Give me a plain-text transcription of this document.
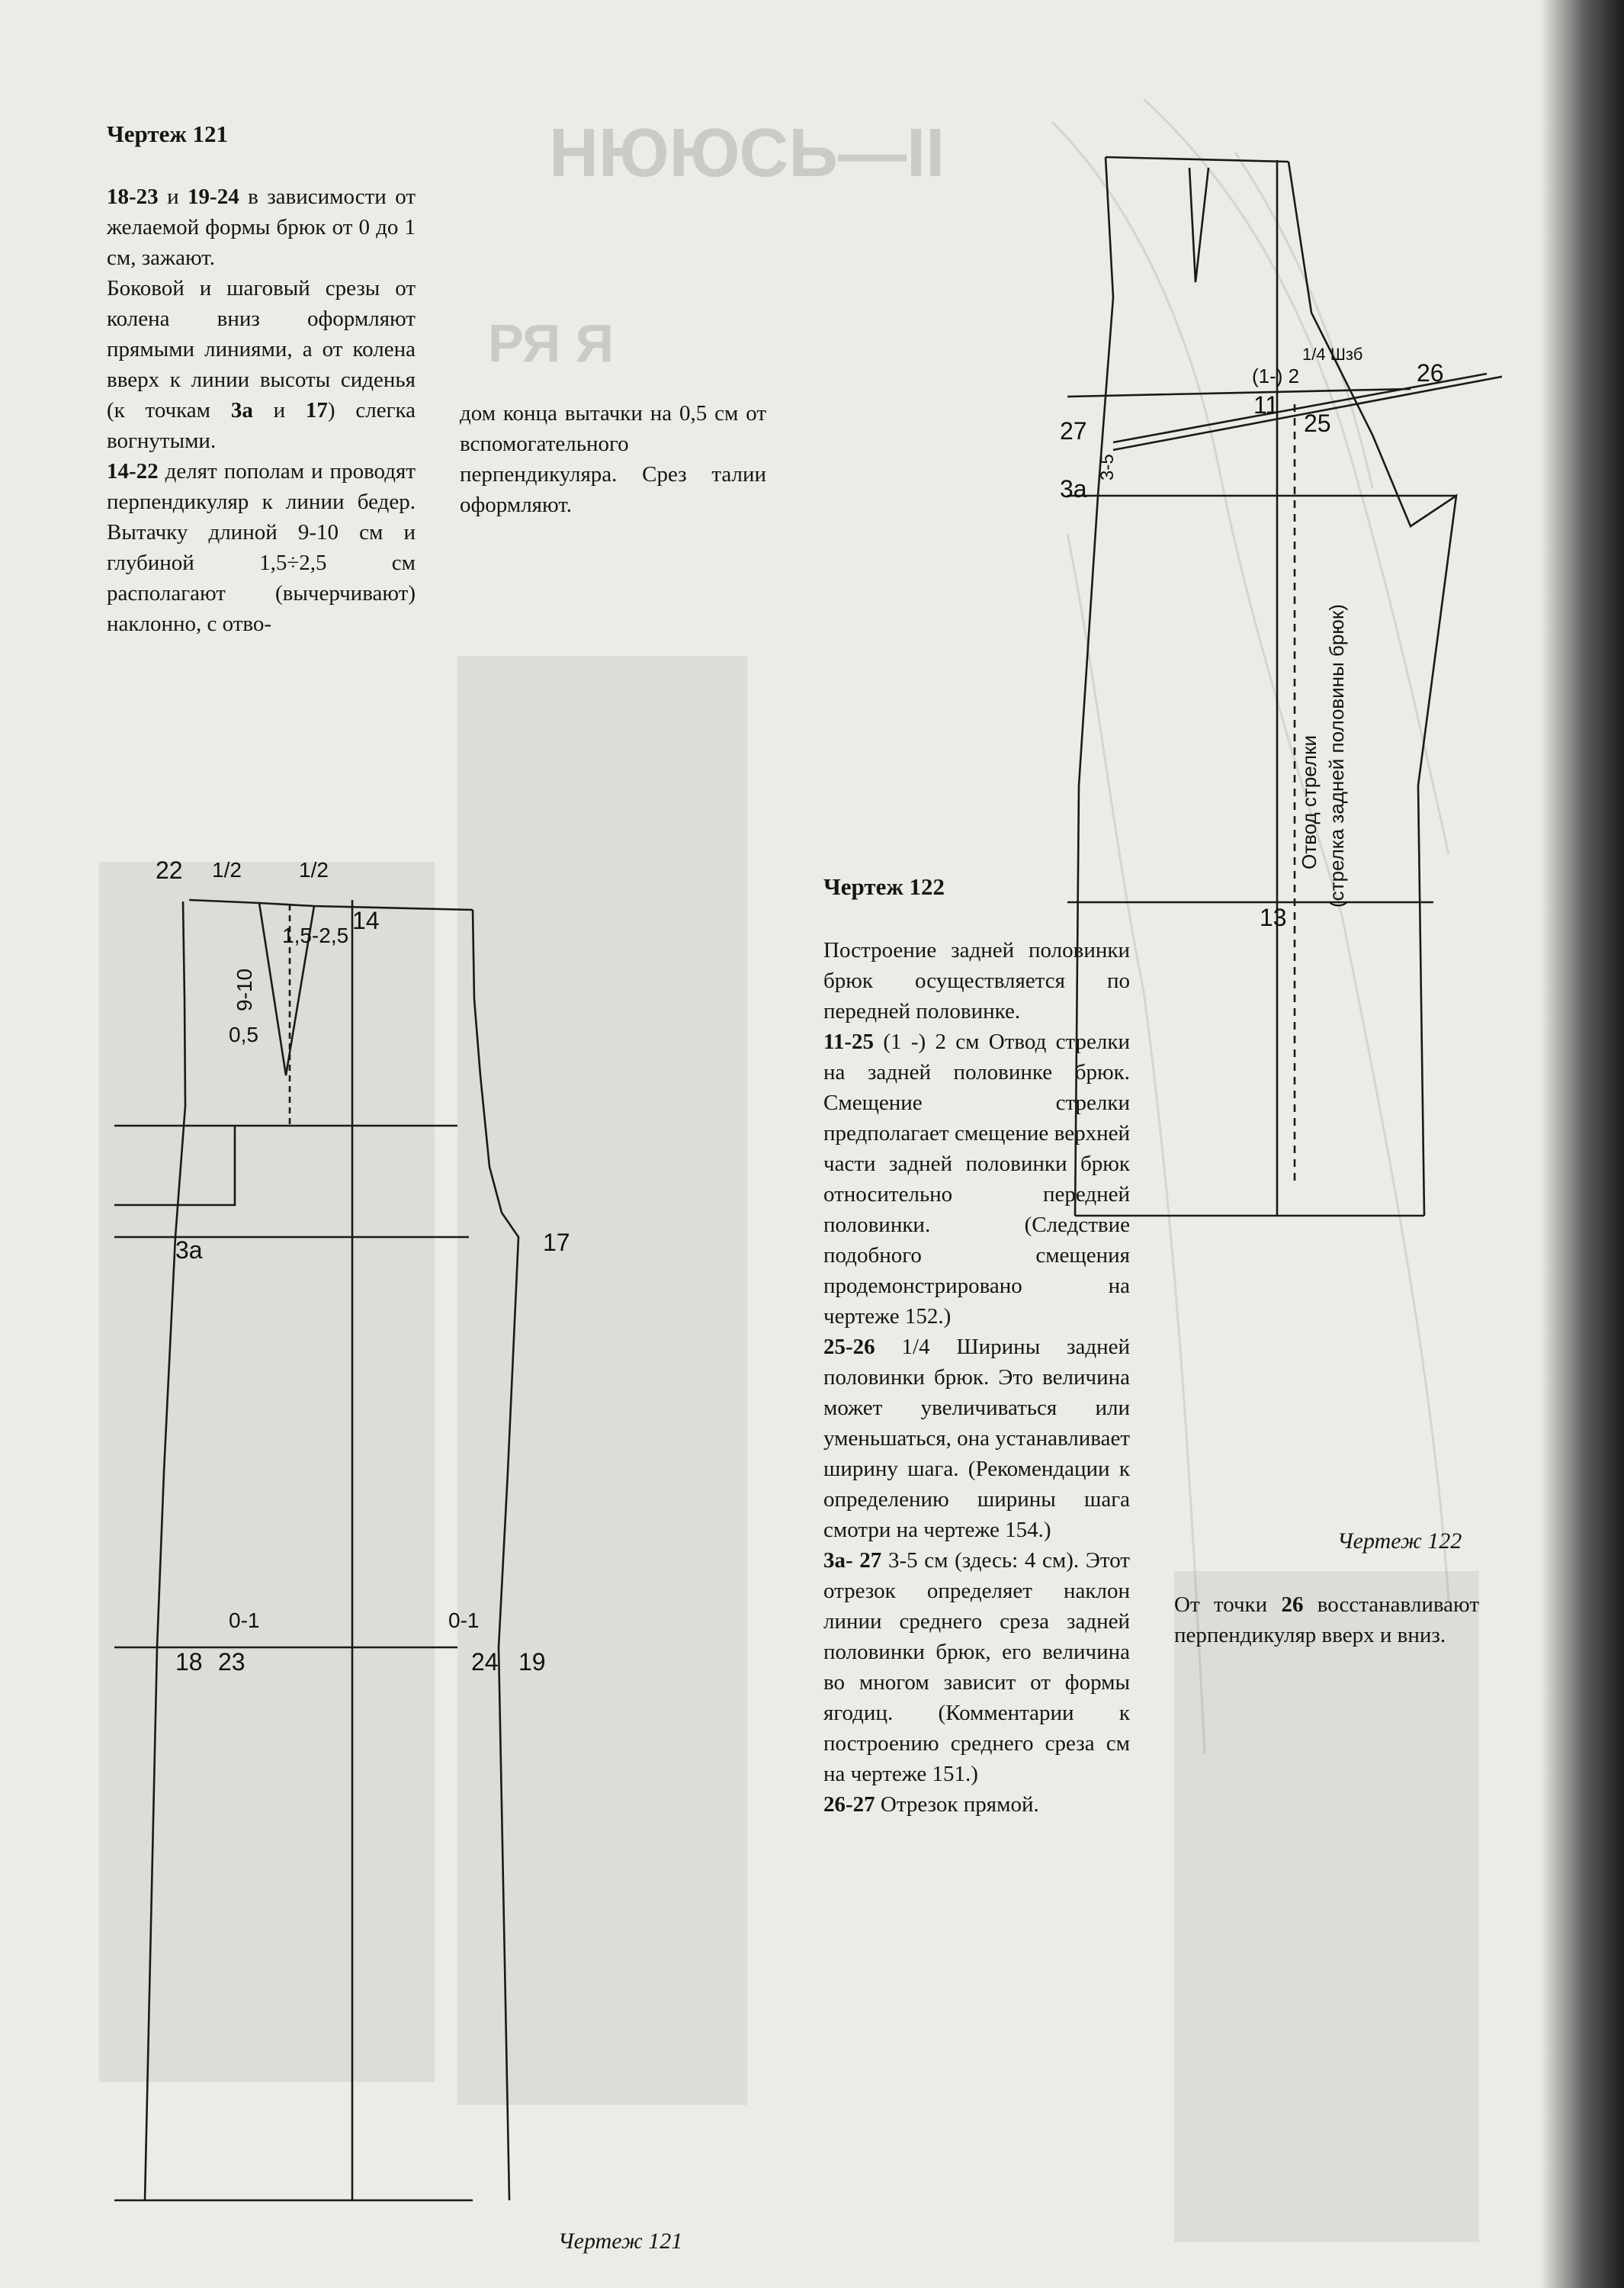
НЮЮСЬ—II
РЯ Я
Чертеж 121

18-23 и 19-24 в зависимости от желаемой формы брюк от 0 до 1 см, зажают.

Боковой и шаговый срезы от колена вниз оформляют прямыми линиями, а от колена вверх к линии высоты сиденья (к точкам 3а и 17) слегка вогнутыми.

14-22 делят пополам и проводят перпендикуляр к линии бедер. Вытачку длиной 9-10 см и глубиной 1,5÷2,5 см располагают (вычерчивают) наклонно, с отво-

дом конца вытачки на 0,5 см от вспомогательного перпендикуляра. Срез талии оформляют.

22 1/2	1/2
14
1,5-2,5
9-10
0,5
3а	17
0-1	0-1
18 23	24 19
Чертеж 121
Чертеж 122

Построение задней половинки брюк осуществляется по передней половинке.

11-25 (1 -) 2 см Отвод стрелки на задней половинке брюк. Смещение стрелки предполагает смещение верхней части задней половинки брюк относительно передней половинки. (Следствие подобного смещения продемонстрировано на чертеже 152.)

25-26 1/4 Ширины задней половинки брюк. Это величина может увеличиваться или уменьшаться, она устанавливает ширину шага. (Рекомендации к определению ширины шага смотри на чертеже 154.)

3а- 27 3-5 см (здесь: 4 см). Этот отрезок определяет наклон линии среднего среза задней половинки брюк, его величина во многом зависит от формы ягодиц. (Комментарии к построению среднего среза см на чертеже 151.)

26-27 Отрезок прямой.

1/4 Шзб
(1-) 2	26
11
25
27
3-5
3а
13
Отвод стрелки (стрелка задней половины брюк)
Чертеж 122

От точки 26 восстанавливают перпендикуляр вверх и вниз.
